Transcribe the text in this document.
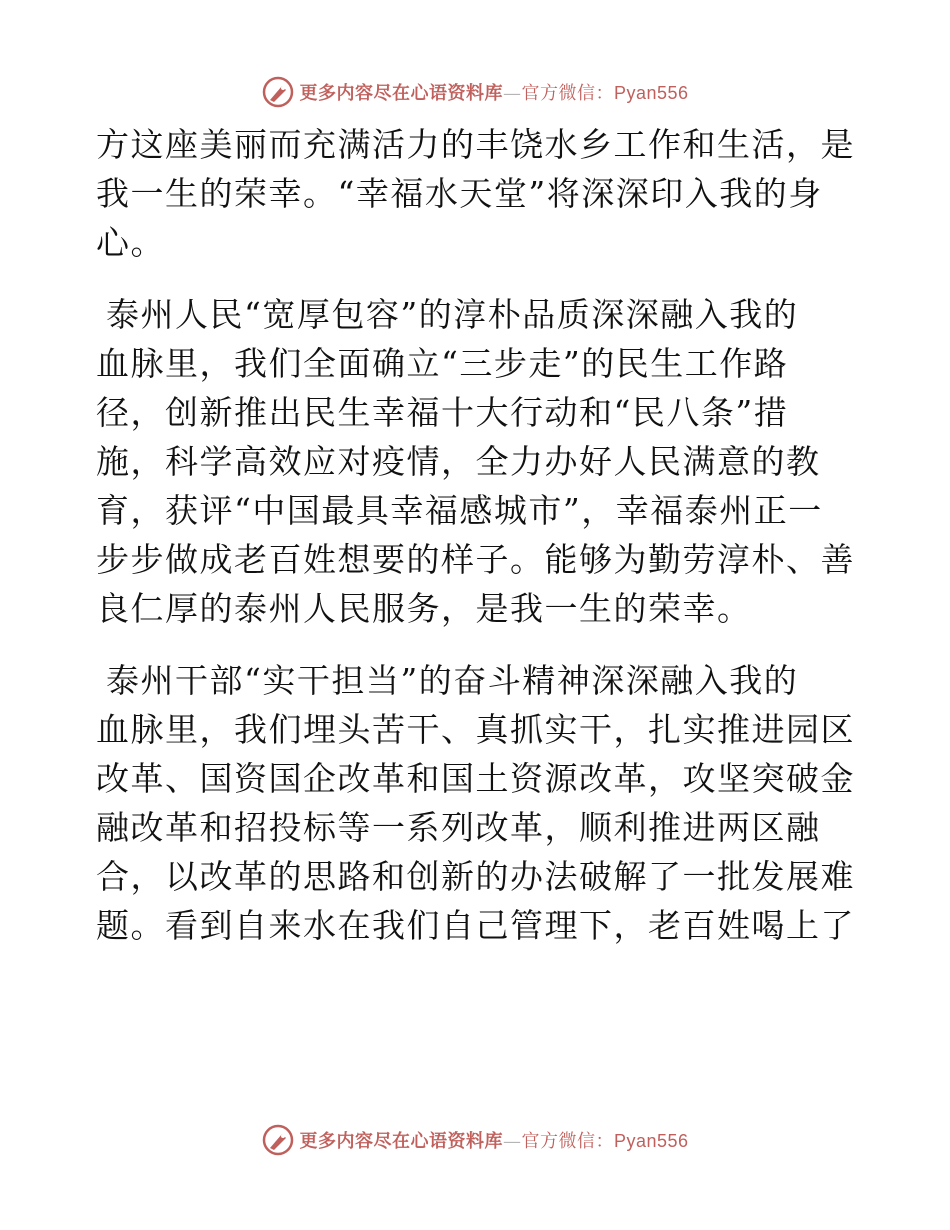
更多内容尽在心语资料库—官方微信：Pyan556
方这座美丽而充满活力的丰饶水乡工作和生活，是
我一生的荣幸。“幸福水天堂”将深深印入我的身
心。
泰州人民“宽厚包容”的淳朴品质深深融入我的
血脉里，我们全面确立“三步走”的民生工作路
径，创新推出民生幸福十大行动和“民八条”措
施，科学高效应对疫情，全力办好人民满意的教
育，获评“中国最具幸福感城市”，幸福泰州正一
步步做成老百姓想要的样子。能够为勤劳淳朴、善
良仁厚的泰州人民服务，是我一生的荣幸。
泰州干部“实干担当”的奋斗精神深深融入我的
血脉里，我们埋头苦干、真抓实干，扎实推进园区
改革、国资国企改革和国土资源改革，攻坚突破金
融改革和招投标等一系列改革，顺利推进两区融
合，以改革的思路和创新的办法破解了一批发展难
题。看到自来水在我们自己管理下，老百姓喝上了
更多内容尽在心语资料库—官方微信：Pyan556
